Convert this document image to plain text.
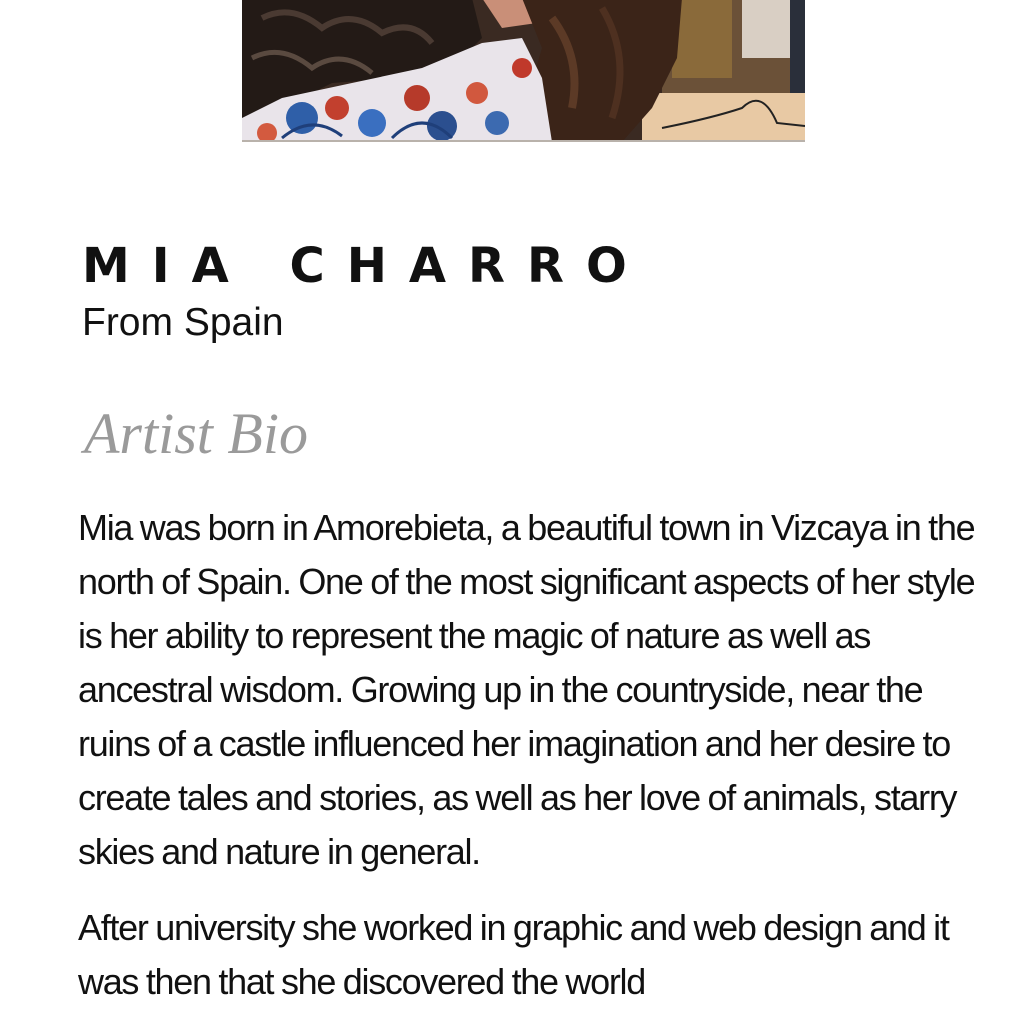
MIA CHARRO
From Spain
Artist Bio

Mia was born in Amorebieta, a beautiful town in Vizcaya in the north of Spain. One of the most significant aspects of her style is her ability to represent the magic of nature as well as ancestral wisdom. Growing up in the countryside, near the ruins of a castle influenced her imagination and her desire to create tales and stories, as well as her love of animals, starry skies and nature in general.

After university she worked in graphic and web design and it was then that she discovered the world
